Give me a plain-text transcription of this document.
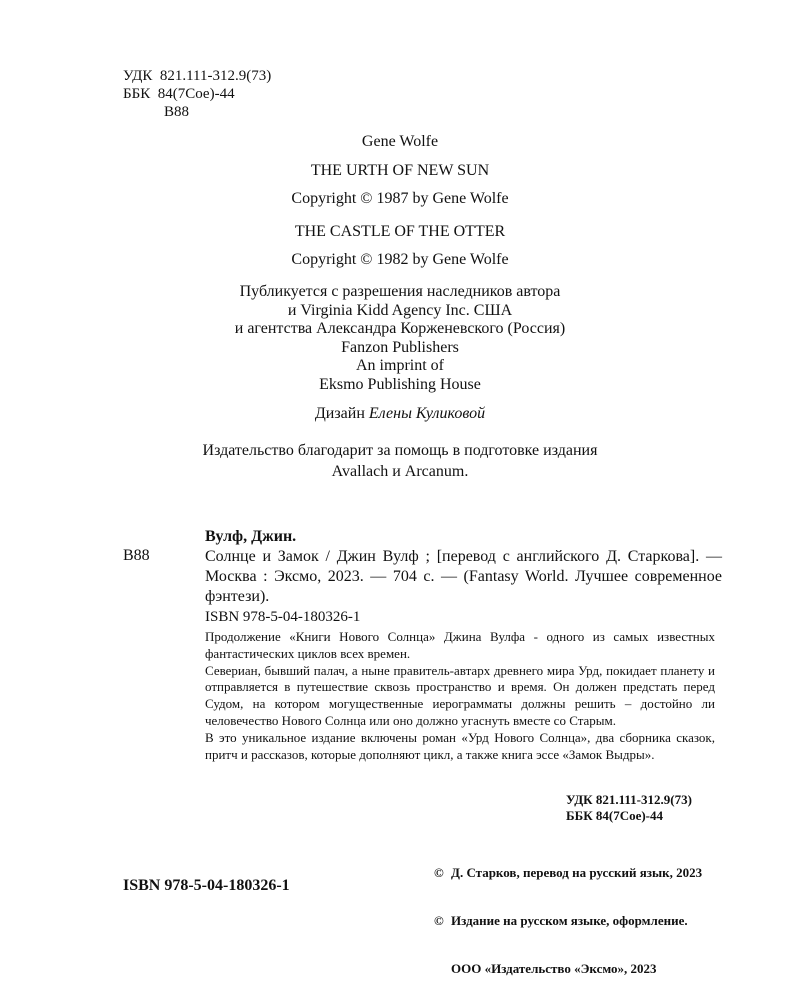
УДК  821.111-312.9(73)
ББК  84(7Сое)-44
В88
Gene Wolfe
THE URTH OF NEW SUN
Copyright © 1987 by Gene Wolfe
THE CASTLE OF THE OTTER
Copyright © 1982 by Gene Wolfe
Публикуется с разрешения наследников автора
и Virginia Kidd Agency Inc. США
и агентства Александра Корженевского (Россия)
Fanzon Publishers
An imprint of
Eksmo Publishing House
Дизайн Елены Куликовой
Издательство благодарит за помощь в подготовке издания
Avallach и Arcanum.
Вулф, Джин.
В88	Солнце и Замок / Джин Вулф ; [перевод с английского Д. Старкова]. — Москва : Эксмо, 2023. — 704 с. — (Fantasy World. Лучшее современное фэнтези).
ISBN 978-5-04-180326-1

Продолжение «Книги Нового Солнца» Джина Вулфа - одного из самых известных фантастических циклов всех времен.

Севериан, бывший палач, а ныне правитель-автарх древнего мира Урд, покидает планету и отправляется в путешествие сквозь пространство и время. Он должен предстать перед Судом, на котором могущественные иерограмматы должны решить – достойно ли человечество Нового Солнца или оно должно угаснуть вместе со Старым.

В это уникальное издание включены роман «Урд Нового Солнца», два сборника сказок, притч и рассказов, которые дополняют цикл, а также книга эссе «Замок Выдры».

УДК 821.111-312.9(73)
ББК 84(7Сое)-44

© Д. Старков, перевод на русский язык, 2023

© Издание на русском языке, оформление.

ООО «Издательство «Эксмо», 2023

ISBN 978-5-04-180326-1
